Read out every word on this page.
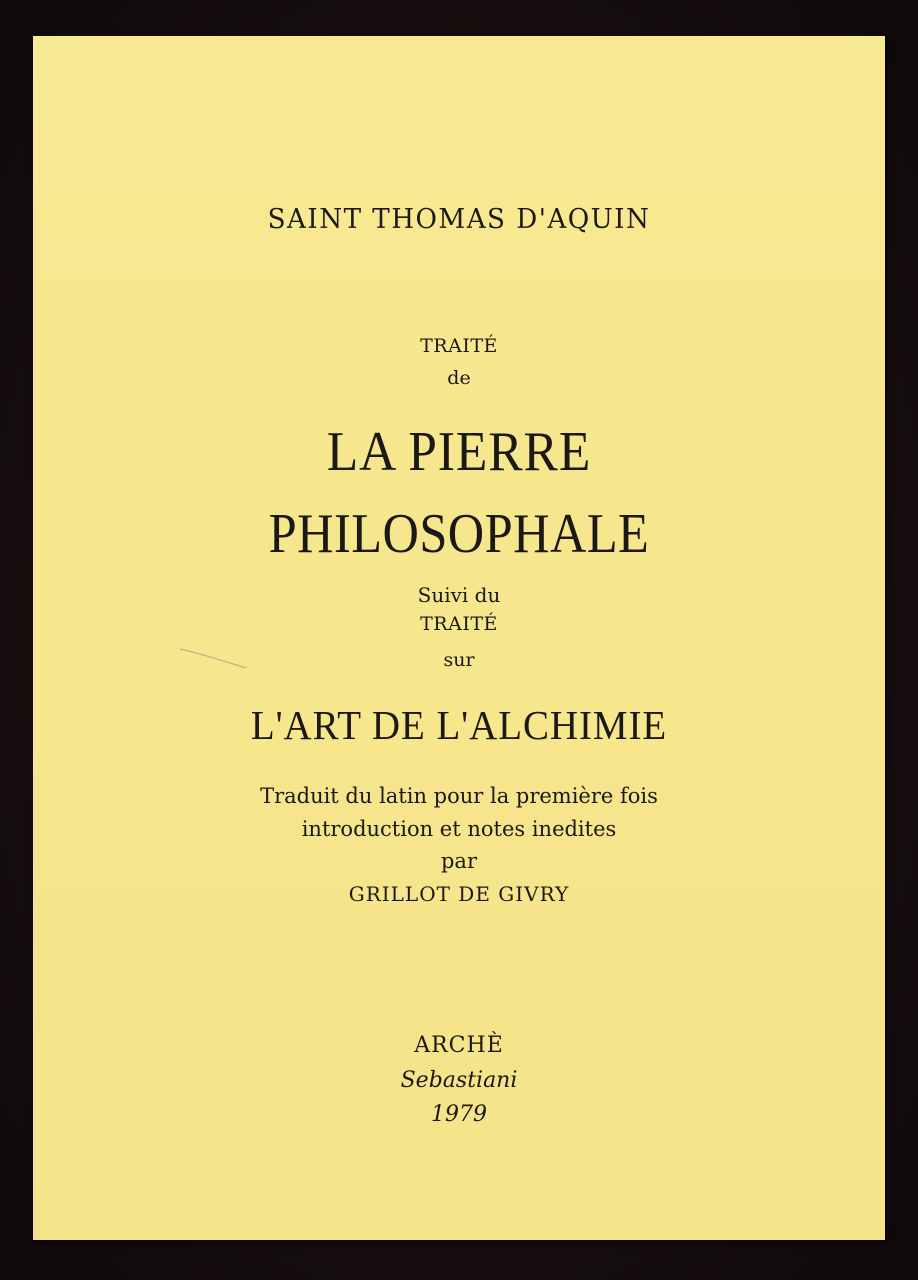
SAINT THOMAS D'AQUIN
TRAITÉ
de
LA PIERRE
PHILOSOPHALE
Suivi du
TRAITÉ
sur
L'ART DE L'ALCHIMIE
Traduit du latin pour la première fois
introduction et notes inedites
par
GRILLOT DE GIVRY
ARCHÈ
Sebastiani
1979
